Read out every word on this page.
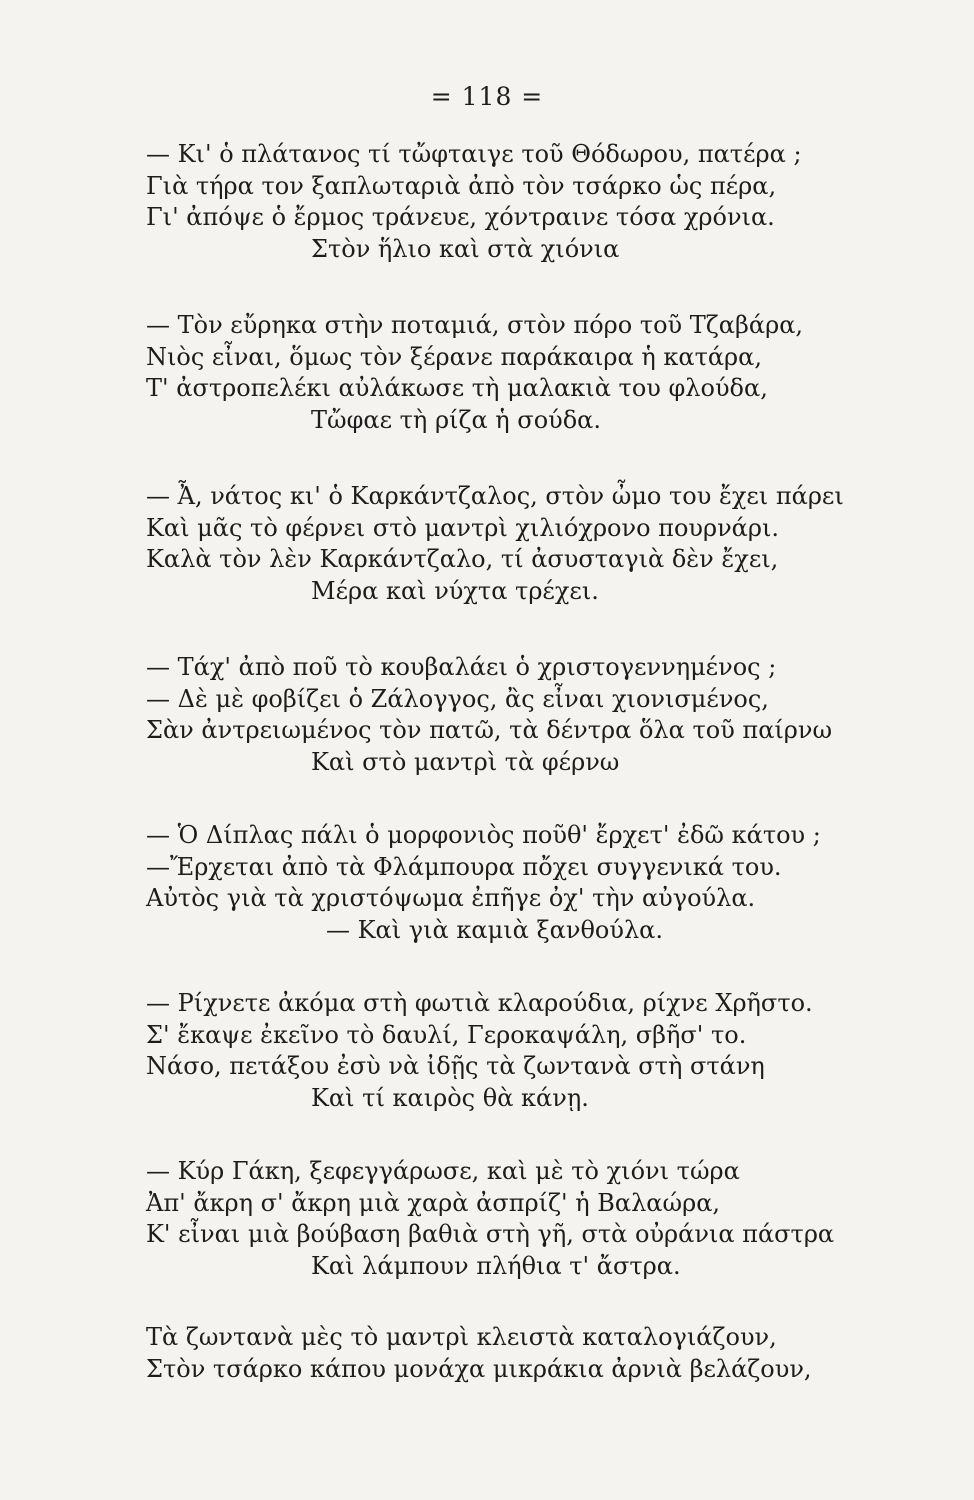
= 118 =
— Κι' ὁ πλάτανος τί τὤφταιγε τοῦ Θόδωρου, πατέρα ;
Γιὰ τήρα τον ξαπλωταριὰ ἀπὸ τὸν τσάρκο ὡς πέρα,
Γι' ἀπόψε ὁ ἔρμος τράνευε, χόντραινε τόσα χρόνια.
Στὸν ἥλιο καὶ στὰ χιόνια
— Τὸν εὔρηκα στὴν ποταμιά, στὸν πόρο τοῦ Τζαβάρα,
Νιὸς εἶναι, ὅμως τὸν ξέρανε παράκαιρα ἡ κατάρα,
Τ' ἀστροπελέκι αὐλάκωσε τὴ μαλακιὰ του φλούδα,
Τὤφαε τὴ ρίζα ἡ σούδα.
— Ἆ, νάτος κι' ὁ Καρκάντζαλος, στὸν ὦμο του ἔχει πάρει
Καὶ μᾶς τὸ φέρνει στὸ μαντρὶ χιλιόχρονο πουρνάρι.
Καλὰ τὸν λὲν Καρκάντζαλο, τί ἀσυσταγιὰ δὲν ἔχει,
Μέρα καὶ νύχτα τρέχει.
— Τάχ' ἀπὸ ποῦ τὸ κουβαλάει ὁ χριστογεννημένος ;
— Δὲ μὲ φοβίζει ὁ Ζάλογγος, ἂς εἶναι χιονισμένος,
Σὰν ἀντρειωμένος τὸν πατῶ, τὰ δέντρα ὅλα τοῦ παίρνω
Καὶ στὸ μαντρὶ τὰ φέρνω
— Ὁ Δίπλας πάλι ὁ μορφονιὸς ποῦθ' ἔρχετ' ἐδῶ κάτου ;
—Ἔρχεται ἀπὸ τὰ Φλάμπουρα πὄχει συγγενικά του.
Αὐτὸς γιὰ τὰ χριστόψωμα ἐπῆγε ὀχ' τὴν αὐγούλα.
— Καὶ γιὰ καμιὰ ξανθούλα.
— Ρίχνετε ἀκόμα στὴ φωτιὰ κλαρούδια, ρίχνε Χρῆστο.
Σ' ἔκαψε ἐκεῖνο τὸ δαυλί, Γεροκαψάλη, σβῆσ' το.
Νάσο, πετάξου ἐσὺ νὰ ἰδῇς τὰ ζωντανὰ στὴ στάνη
Καὶ τί καιρὸς θὰ κάνῃ.
— Κύρ Γάκη, ξεφεγγάρωσε, καὶ μὲ τὸ χιόνι τώρα
Ἀπ' ἄκρη σ' ἄκρη μιὰ χαρὰ ἀσπρίζ' ἡ Βαλαώρα,
Κ' εἶναι μιὰ βούβαση βαθιὰ στὴ γῆ, στὰ οὐράνια πάστρα
Καὶ λάμπουν πλήθια τ' ἄστρα.
Τὰ ζωντανὰ μὲς τὸ μαντρὶ κλειστὰ καταλογιάζουν,
Στὸν τσάρκο κάπου μονάχα μικράκια ἀρνιὰ βελάζουν,
